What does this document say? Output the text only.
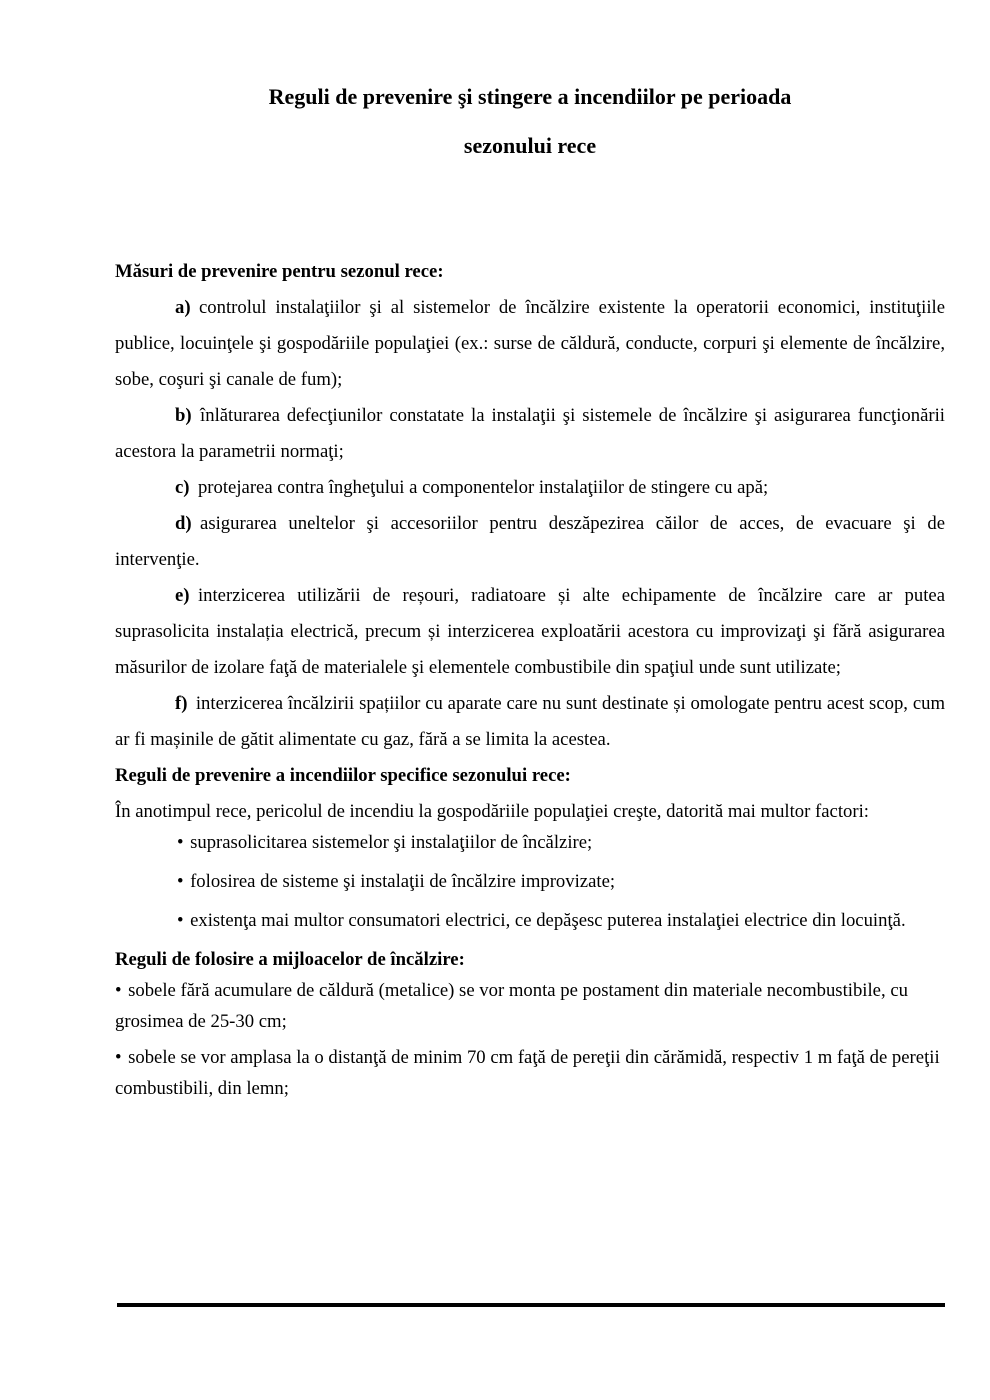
Reguli de prevenire şi stingere a incendiilor pe perioada
sezonului rece
Măsuri de prevenire pentru sezonul rece:

a) controlul instalaţiilor şi al sistemelor de încălzire existente la operatorii economici, instituţiile publice, locuinţele şi gospodăriile populaţiei (ex.: surse de căldură, conducte, corpuri şi elemente de încălzire, sobe, coşuri şi canale de fum);

b) înlăturarea defecţiunilor constatate la instalaţii şi sistemele de încălzire şi asigurarea funcţionării acestora la parametrii normaţi;

c) protejarea contra îngheţului a componentelor instalaţiilor de stingere cu apă;

d) asigurarea uneltelor şi accesoriilor pentru deszăpezirea căilor de acces, de evacuare şi de intervenţie.

e) interzicerea utilizării de reșouri, radiatoare și alte echipamente de încălzire care ar putea suprasolicita instalația electrică, precum și interzicerea exploatării acestora cu improvizaţi şi fără asigurarea măsurilor de izolare faţă de materialele şi elementele combustibile din spaţiul unde sunt utilizate;

f) interzicerea încălzirii spațiilor cu aparate care nu sunt destinate și omologate pentru acest scop, cum ar fi mașinile de gătit alimentate cu gaz, fără a se limita la acestea.

Reguli de prevenire a incendiilor specifice sezonului rece:

În anotimpul rece, pericolul de incendiu la gospodăriile populaţiei creşte, datorită mai multor factori:

• suprasolicitarea sistemelor şi instalaţiilor de încălzire;

• folosirea de sisteme şi instalaţii de încălzire improvizate;

• existenţa mai multor consumatori electrici, ce depăşesc puterea instalaţiei electrice din locuinţă.

Reguli de folosire a mijloacelor de încălzire:

• sobele fără acumulare de căldură (metalice) se vor monta pe postament din materiale necombustibile, cu grosimea de 25-30 cm;

• sobele se vor amplasa la o distanţă de minim 70 cm faţă de pereţii din cărămidă, respectiv 1 m faţă de pereţii combustibili, din lemn;
